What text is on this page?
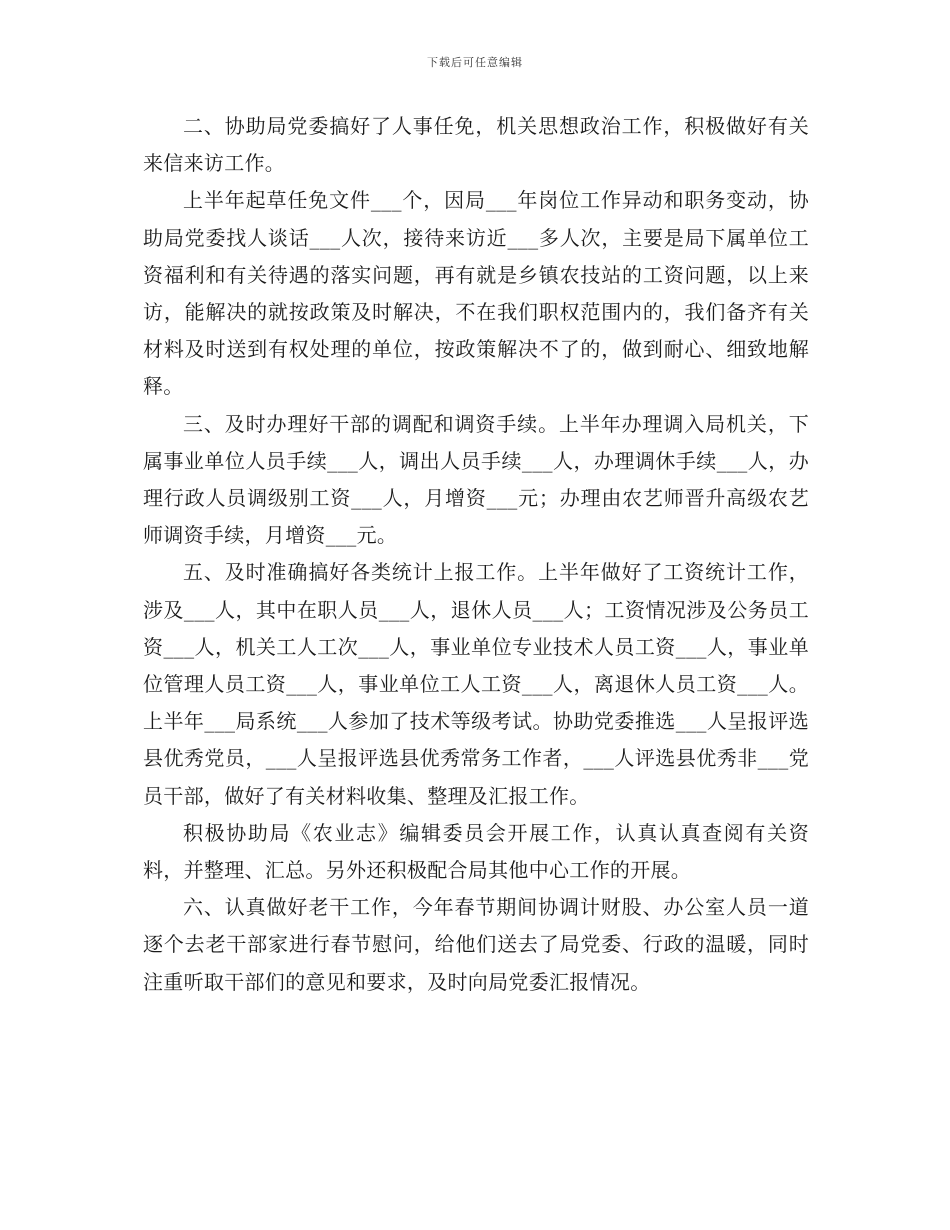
下载后可任意编辑

二、协助局党委搞好了人事任免，机关思想政治工作，积极做好有关来信来访工作。

上半年起草任免文件___个，因局___年岗位工作异动和职务变动，协助局党委找人谈话___人次，接待来访近___多人次，主要是局下属单位工资福利和有关待遇的落实问题，再有就是乡镇农技站的工资问题，以上来访，能解决的就按政策及时解决，不在我们职权范围内的，我们备齐有关材料及时送到有权处理的单位，按政策解决不了的，做到耐心、细致地解释。

三、及时办理好干部的调配和调资手续。上半年办理调入局机关，下属事业单位人员手续___人，调出人员手续___人，办理调休手续___人，办理行政人员调级别工资___人，月增资___元；办理由农艺师晋升高级农艺师调资手续，月增资___元。

五、及时准确搞好各类统计上报工作。上半年做好了工资统计工作，涉及___人，其中在职人员___人，退休人员___人；工资情况涉及公务员工资___人，机关工人工次___人，事业单位专业技术人员工资___人，事业单位管理人员工资___人，事业单位工人工资___人，离退休人员工资___人。上半年___局系统___人参加了技术等级考试。协助党委推选___人呈报评选县优秀党员，___人呈报评选县优秀常务工作者，___人评选县优秀非___党员干部，做好了有关材料收集、整理及汇报工作。

积极协助局《农业志》编辑委员会开展工作，认真认真查阅有关资料，并整理、汇总。另外还积极配合局其他中心工作的开展。

六、认真做好老干工作，今年春节期间协调计财股、办公室人员一道逐个去老干部家进行春节慰问，给他们送去了局党委、行政的温暖，同时注重听取干部们的意见和要求，及时向局党委汇报情况。
